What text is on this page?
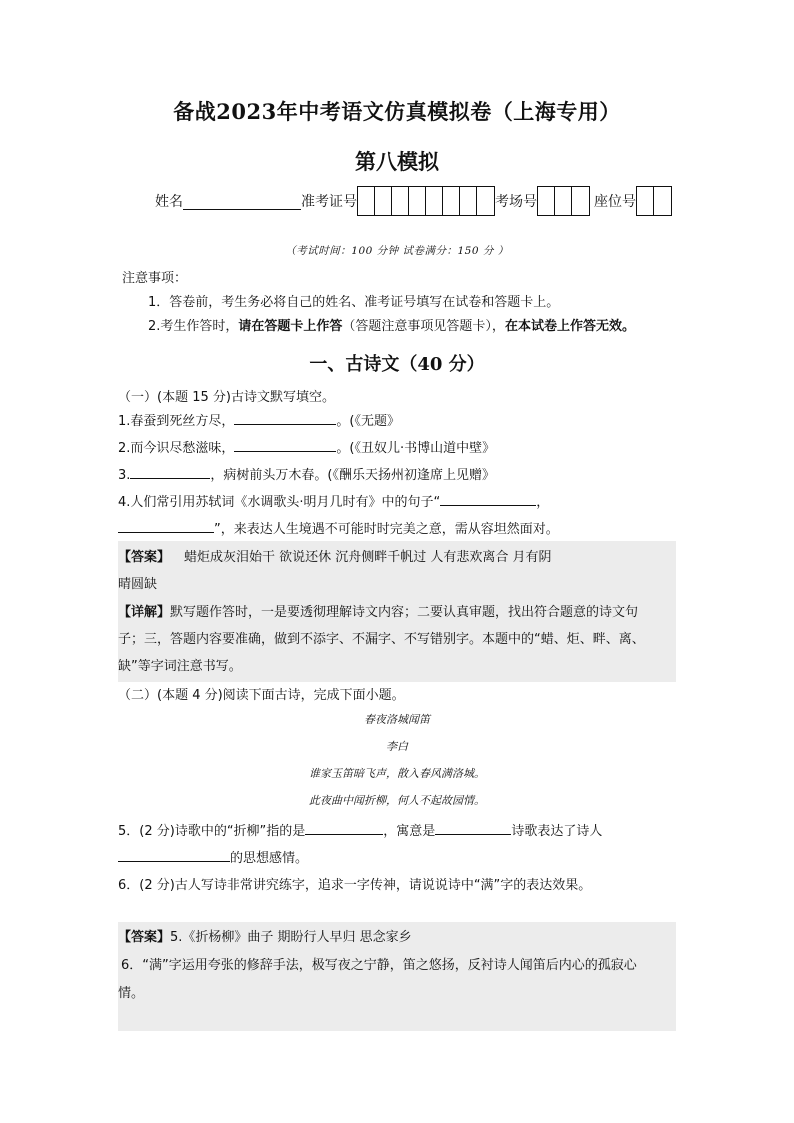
备战2023年中考语文仿真模拟卷（上海专用）
第八模拟
姓名	准考证号	考场号	座位号
（考试时间：100 分钟 试卷满分：150 分 ）
注意事项：
1．答卷前，考生务必将自己的姓名、准考证号填写在试卷和答题卡上。
2.考生作答时，请在答题卡上作答（答题注意事项见答题卡），在本试卷上作答无效。
一、古诗文（40 分）
（一）(本题 15 分)古诗文默写填空。
1.春蚕到死丝方尽，	。(《无题》
2.而今识尽愁滋味，	。(《丑奴儿·书博山道中壁》
3.	，病树前头万木春。(《酬乐天扬州初逢席上见赠》
4.人们常引用苏轼词《水调歌头·明月几时有》中的句子“	，
”，来表达人生境遇不可能时时完美之意，需从容坦然面对。
【答案】 蜡炬成灰泪始干 欲说还休 沉舟侧畔千帆过 人有悲欢离合 月有阴
晴圆缺
【详解】默写题作答时，一是要透彻理解诗文内容；二要认真审题，找出符合题意的诗文句
子；三，答题内容要准确，做到不添字、不漏字、不写错别字。本题中的“蜡、炬、畔、离、
缺”等字词注意书写。
（二）(本题 4 分)阅读下面古诗，完成下面小题。
春夜洛城闻笛
李白
谁家玉笛暗飞声，散入春风满洛城。
此夜曲中闻折柳，何人不起故园情。
5．(2 分)诗歌中的“折柳”指的是	，寓意是	诗歌表达了诗人
的思想感情。
6．(2 分)古人写诗非常讲究练字，追求一字传神，请说说诗中“满”字的表达效果。
【答案】5.《折杨柳》曲子 期盼行人早归 思念家乡
6．“满”字运用夸张的修辞手法，极写夜之宁静，笛之悠扬，反衬诗人闻笛后内心的孤寂心
情。
